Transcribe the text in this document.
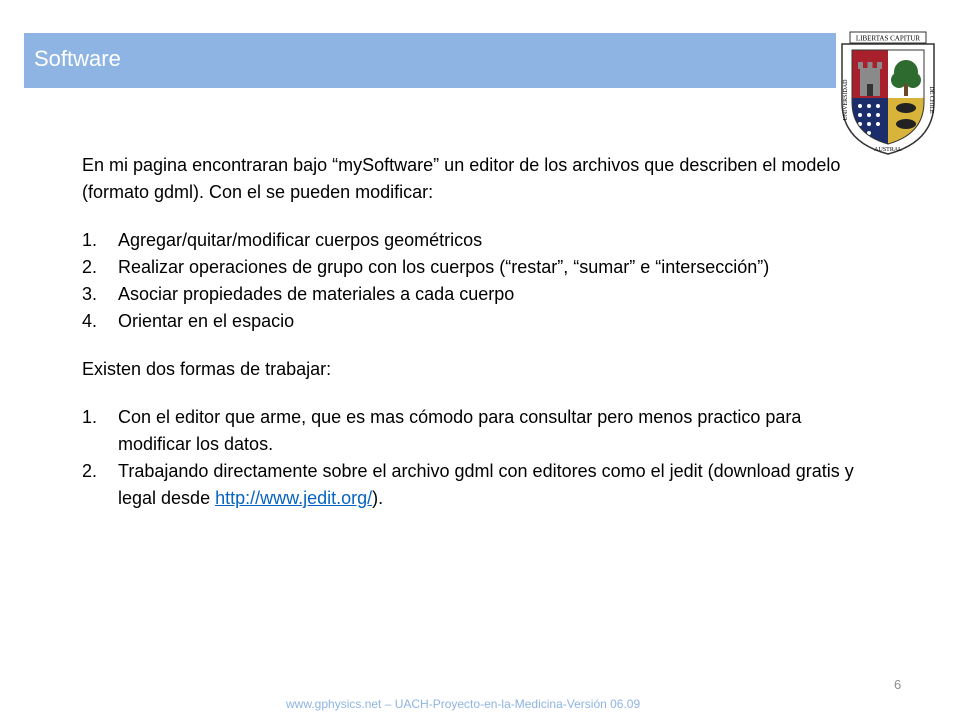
Software
LIBERTAS CAPITUR
UNIVERSIDAD	DE CHILE
AUSTRAL

En mi pagina encontraran bajo “mySoftware” un editor de los archivos que describen el modelo (formato gdml). Con el se pueden modificar:

1. Agregar/quitar/modificar cuerpos geométricos
2. Realizar operaciones de grupo con los cuerpos (“restar”, “sumar” e “intersección”)
3. Asociar propiedades de materiales a cada cuerpo
4. Orientar en el espacio

Existen dos formas de trabajar:

1. Con el editor que arme, que es mas cómodo para consultar pero menos practico para modificar los datos.
2. Trabajando directamente sobre el archivo gdml con editores como el jedit (download gratis y legal desde http://www.jedit.org/).
www.gphysics.net – UACH-Proyecto-en-la-Medicina-Versión 06.09
6
